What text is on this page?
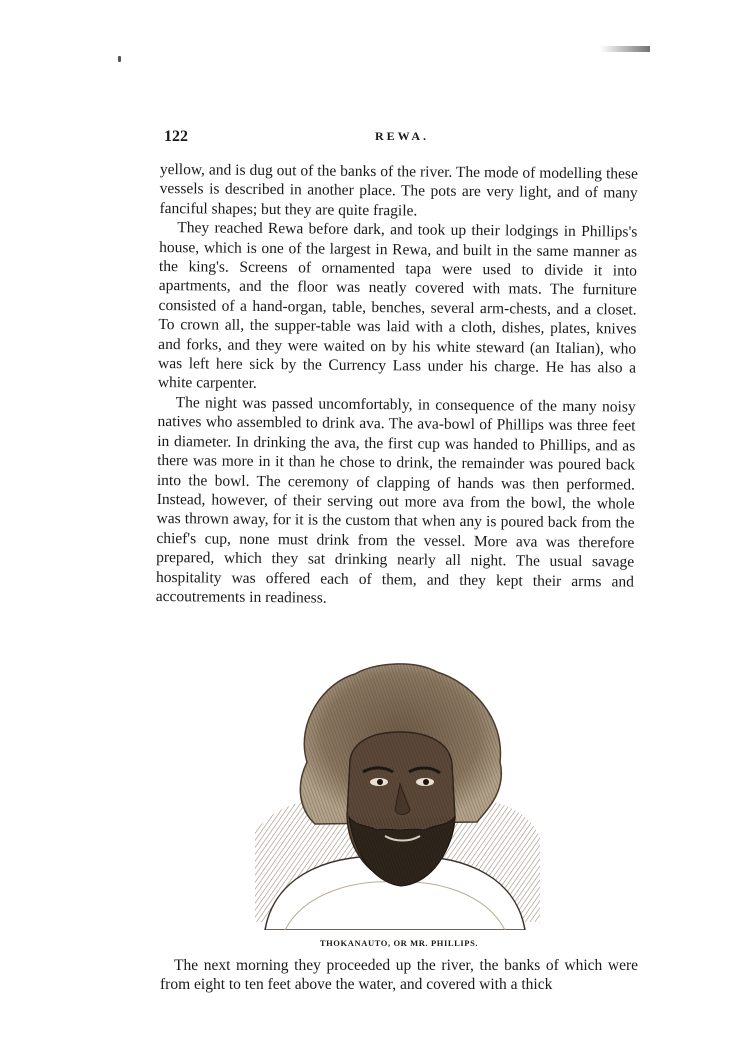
122	REWA.

yellow, and is dug out of the banks of the river. The mode of modelling these vessels is described in another place. The pots are very light, and of many fanciful shapes; but they are quite fragile.

They reached Rewa before dark, and took up their lodgings in Phillips's house, which is one of the largest in Rewa, and built in the same manner as the king's. Screens of ornamented tapa were used to divide it into apartments, and the floor was neatly covered with mats. The furniture consisted of a hand-organ, table, benches, several arm-chests, and a closet. To crown all, the supper-table was laid with a cloth, dishes, plates, knives and forks, and they were waited on by his white steward (an Italian), who was left here sick by the Currency Lass under his charge. He has also a white carpenter.

The night was passed uncomfortably, in consequence of the many noisy natives who assembled to drink ava. The ava-bowl of Phillips was three feet in diameter. In drinking the ava, the first cup was handed to Phillips, and as there was more in it than he chose to drink, the remainder was poured back into the bowl. The ceremony of clapping of hands was then performed. Instead, however, of their serving out more ava from the bowl, the whole was thrown away, for it is the custom that when any is poured back from the chief's cup, none must drink from the vessel. More ava was therefore prepared, which they sat drinking nearly all night. The usual savage hospitality was offered each of them, and they kept their arms and accoutrements in readiness.

THOKANAUTO, OR MR. PHILLIPS.

The next morning they proceeded up the river, the banks of which were from eight to ten feet above the water, and covered with a thick
